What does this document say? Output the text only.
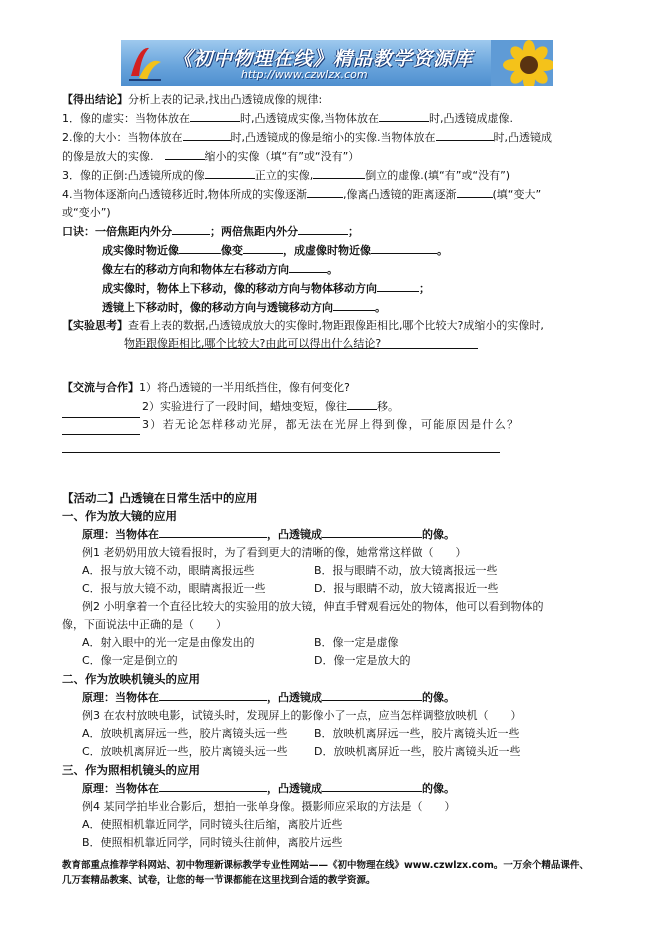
《初中物理在线》精品教学资源库
http://www.czwlzx.com
【得出结论】分析上表的记录,找出凸透镜成像的规律:
1．像的虚实：当物体放在	时,凸透镜成实像,当物体放在	时,凸透镜成虚像.
2.像的大小：当物体放在	时,凸透镜成的像是缩小的实像.当物体放在	时,凸透镜成
的像是放大的实像.　	缩小的实像（填“有”或“没有”）
3．像的正倒:凸透镜所成的像	正立的实像,	倒立的虚像.(填“有”或“没有”)
4.当物体逐渐向凸透镜移近时,物体所成的实像逐渐	,像离凸透镜的距离逐渐	(填“变大”
或“变小”)
口诀：一倍焦距内外分	；两倍焦距内外分	；
成实像时物近像	像变	，成虚像时物近像	。
像左右的移动方向和物体左右移动方向	。
成实像时，物体上下移动，像的移动方向与物体移动方向	；
透镜上下移动时，像的移动方向与透镜移动方向	。
【实验思考】查看上表的数据,凸透镜成放大的实像时,物距跟像距相比,哪个比较大?成缩小的实像时,
物距跟像距相比,哪个比较大?由此可以得出什么结论?
【交流与合作】1）将凸透镜的一半用纸挡住，像有何变化?
2）实验进行了一段时间，蜡烛变短，像往	移。
3）若无论怎样移动光屏，都无法在光屏上得到像，可能原因是什么？
【活动二】凸透镜在日常生活中的应用
一、作为放大镜的应用
原理：当物体在	，凸透镜成	的像。
例1 老奶奶用放大镜看报时，为了看到更大的清晰的像，她常常这样做（　　）
A．报与放大镜不动，眼睛离报远些	B．报与眼睛不动，放大镜离报远一些
C．报与放大镜不动，眼睛离报近一些	D．报与眼睛不动，放大镜离报近一些
例2 小明拿着一个直径比较大的实验用的放大镜，伸直手臂观看远处的物体，他可以看到物体的
像，下面说法中正确的是（　　）
A．射入眼中的光一定是由像发出的	B．像一定是虚像
C．像一定是倒立的	D．像一定是放大的
二、作为放映机镜头的应用
原理：当物体在	，凸透镜成	的像。
例3 在农村放映电影，试镜头时，发现屏上的影像小了一点，应当怎样调整放映机（　　）
A．放映机离屏远一些，胶片离镜头远一些 B．放映机离屏远一些，胶片离镜头近一些
C．放映机离屏近一些，胶片离镜头远一些 D．放映机离屏近一些，胶片离镜头近一些
三、作为照相机镜头的应用
原理：当物体在	，凸透镜成	的像。
例4 某同学拍毕业合影后，想拍一张单身像。摄影师应采取的方法是（　　）
A．使照相机靠近同学，同时镜头往后缩，离胶片近些
B．使照相机靠近同学，同时镜头往前伸，离胶片远些
教育部重点推荐学科网站、初中物理新课标教学专业性网站——《初中物理在线》www.czwlzx.com。一万余个精品课件、
几万套精品教案、试卷，让您的每一节课都能在这里找到合适的教学资源。
